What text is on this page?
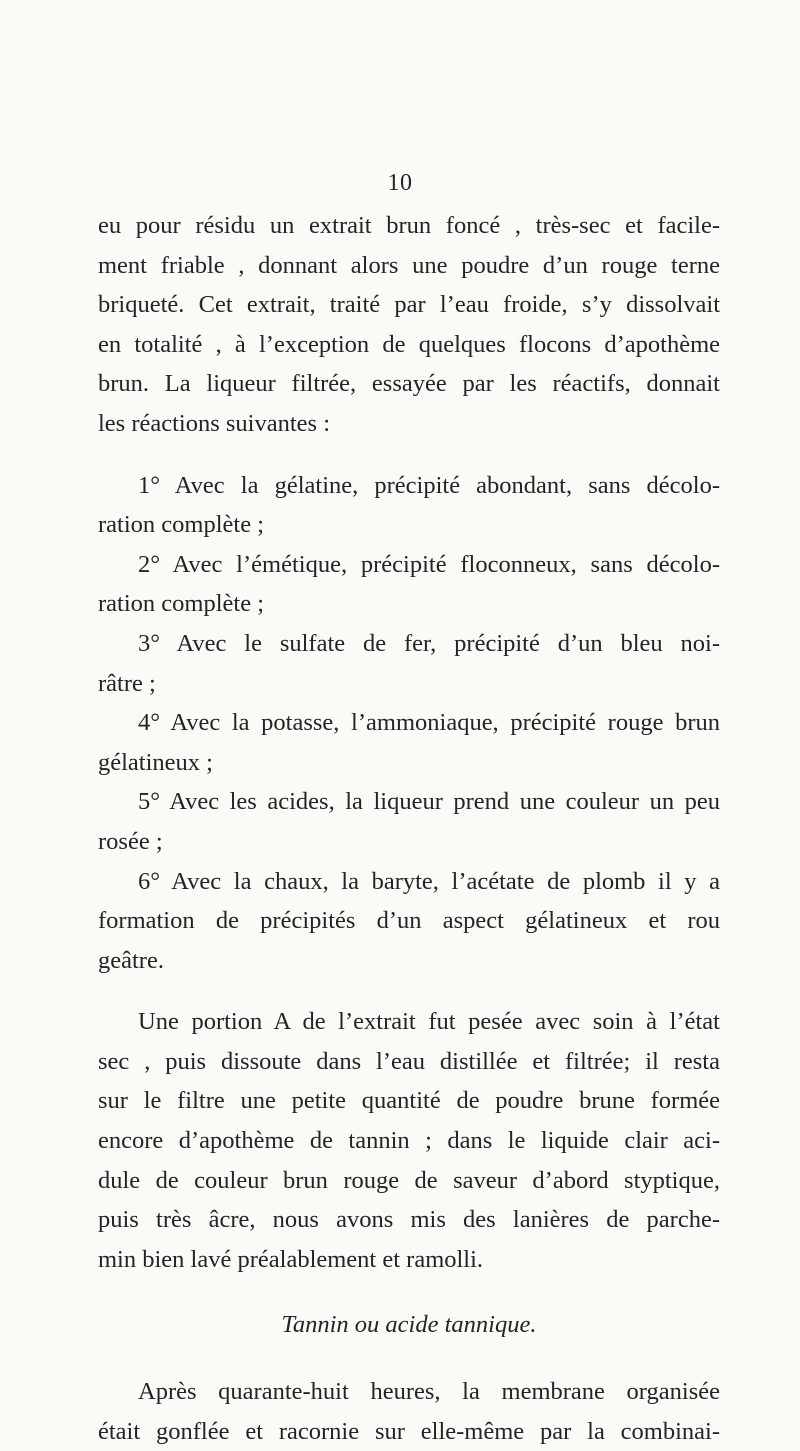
10
eu pour résidu un extrait brun foncé , très-sec et facile-
ment friable , donnant alors une poudre d’un rouge terne
briqueté. Cet extrait, traité par l’eau froide, s’y dissolvait
en totalité , à l’exception de quelques flocons d’apothème
brun. La liqueur filtrée, essayée par les réactifs, donnait
les réactions suivantes :
1° Avec la gélatine, précipité abondant, sans décolo-
ration complète ;
2° Avec l’émétique, précipité floconneux, sans décolo-
ration complète ;
3° Avec le sulfate de fer, précipité d’un bleu noi-
râtre ;
4° Avec la potasse, l’ammoniaque, précipité rouge brun
gélatineux ;
5° Avec les acides, la liqueur prend une couleur un peu
rosée ;
6° Avec la chaux, la baryte, l’acétate de plomb il y a
formation de précipités d’un aspect gélatineux et rou
geâtre.
Une portion A de l’extrait fut pesée avec soin à l’état
sec , puis dissoute dans l’eau distillée et filtrée; il resta
sur le filtre une petite quantité de poudre brune formée
encore d’apothème de tannin ; dans le liquide clair aci-
dule de couleur brun rouge de saveur d’abord styptique,
puis très âcre, nous avons mis des lanières de parche-
min bien lavé préalablement et ramolli.
Tannin ou acide tannique.
Après quarante-huit heures, la membrane organisée
était gonflée et racornie sur elle-même par la combinai-
